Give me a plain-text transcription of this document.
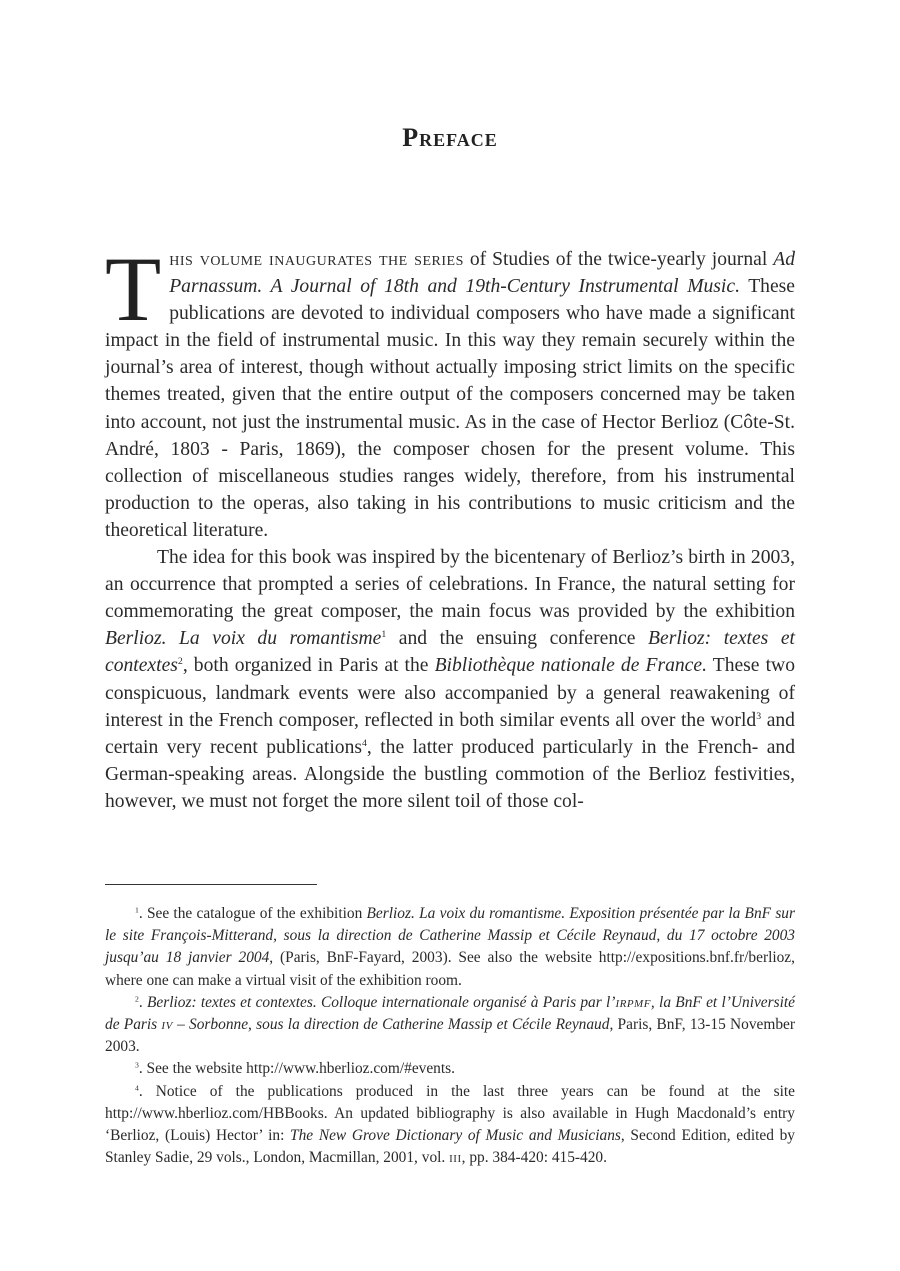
Preface

This volume inaugurates the series of Studies of the twice-yearly journal Ad Parnassum. A Journal of 18th and 19th-Century Instrumental Music. These publications are devoted to individual composers who have made a significant impact in the field of instrumental music. In this way they remain securely within the journal’s area of interest, though without actually imposing strict limits on the specific themes treated, given that the entire output of the composers concerned may be taken into account, not just the instrumental music. As in the case of Hector Berlioz (Côte-St. André, 1803 - Paris, 1869), the composer chosen for the present volume. This collection of miscellaneous studies ranges widely, therefore, from his instrumental production to the operas, also taking in his contributions to music criticism and the theoretical literature.

The idea for this book was inspired by the bicentenary of Berlioz’s birth in 2003, an occurrence that prompted a series of celebrations. In France, the natural setting for commemorating the great composer, the main focus was provided by the exhibition Berlioz. La voix du romantisme$^1$ and the ensuing conference Berlioz: textes et contextes$^2$, both organized in Paris at the Bibliothèque nationale de France. These two conspicuous, landmark events were also accompanied by a general reawakening of interest in the French composer, reflected in both similar events all over the world$^3$ and certain very recent publications$^4$, the latter produced particularly in the French- and German-speaking areas. Alongside the bustling commotion of the Berlioz festivities, however, we must not forget the more silent toil of those col-

$^1$. See the catalogue of the exhibition Berlioz. La voix du romantisme. Exposition présentée par la BnF sur le site François-Mitterand, sous la direction de Catherine Massip et Cécile Reynaud, du 17 octobre 2003 jusqu’au 18 janvier 2004, (Paris, BnF-Fayard, 2003). See also the website http://expositions.bnf.fr/berlioz, where one can make a virtual visit of the exhibition room.

$^2$. Berlioz: textes et contextes. Colloque internationale organisé à Paris par l’irpmf, la BnF et l’Université de Paris iv – Sorbonne, sous la direction de Catherine Massip et Cécile Reynaud, Paris, BnF, 13-15 November 2003.

$^3$. See the website http://www.hberlioz.com/#events.

$^4$. Notice of the publications produced in the last three years can be found at the site http://www.hberlioz.com/HBBooks. An updated bibliography is also available in Hugh Macdonald’s entry ‘Berlioz, (Louis) Hector’ in: The New Grove Dictionary of Music and Musicians, Second Edition, edited by Stanley Sadie, 29 vols., London, Macmillan, 2001, vol. iii, pp. 384-420: 415-420.
